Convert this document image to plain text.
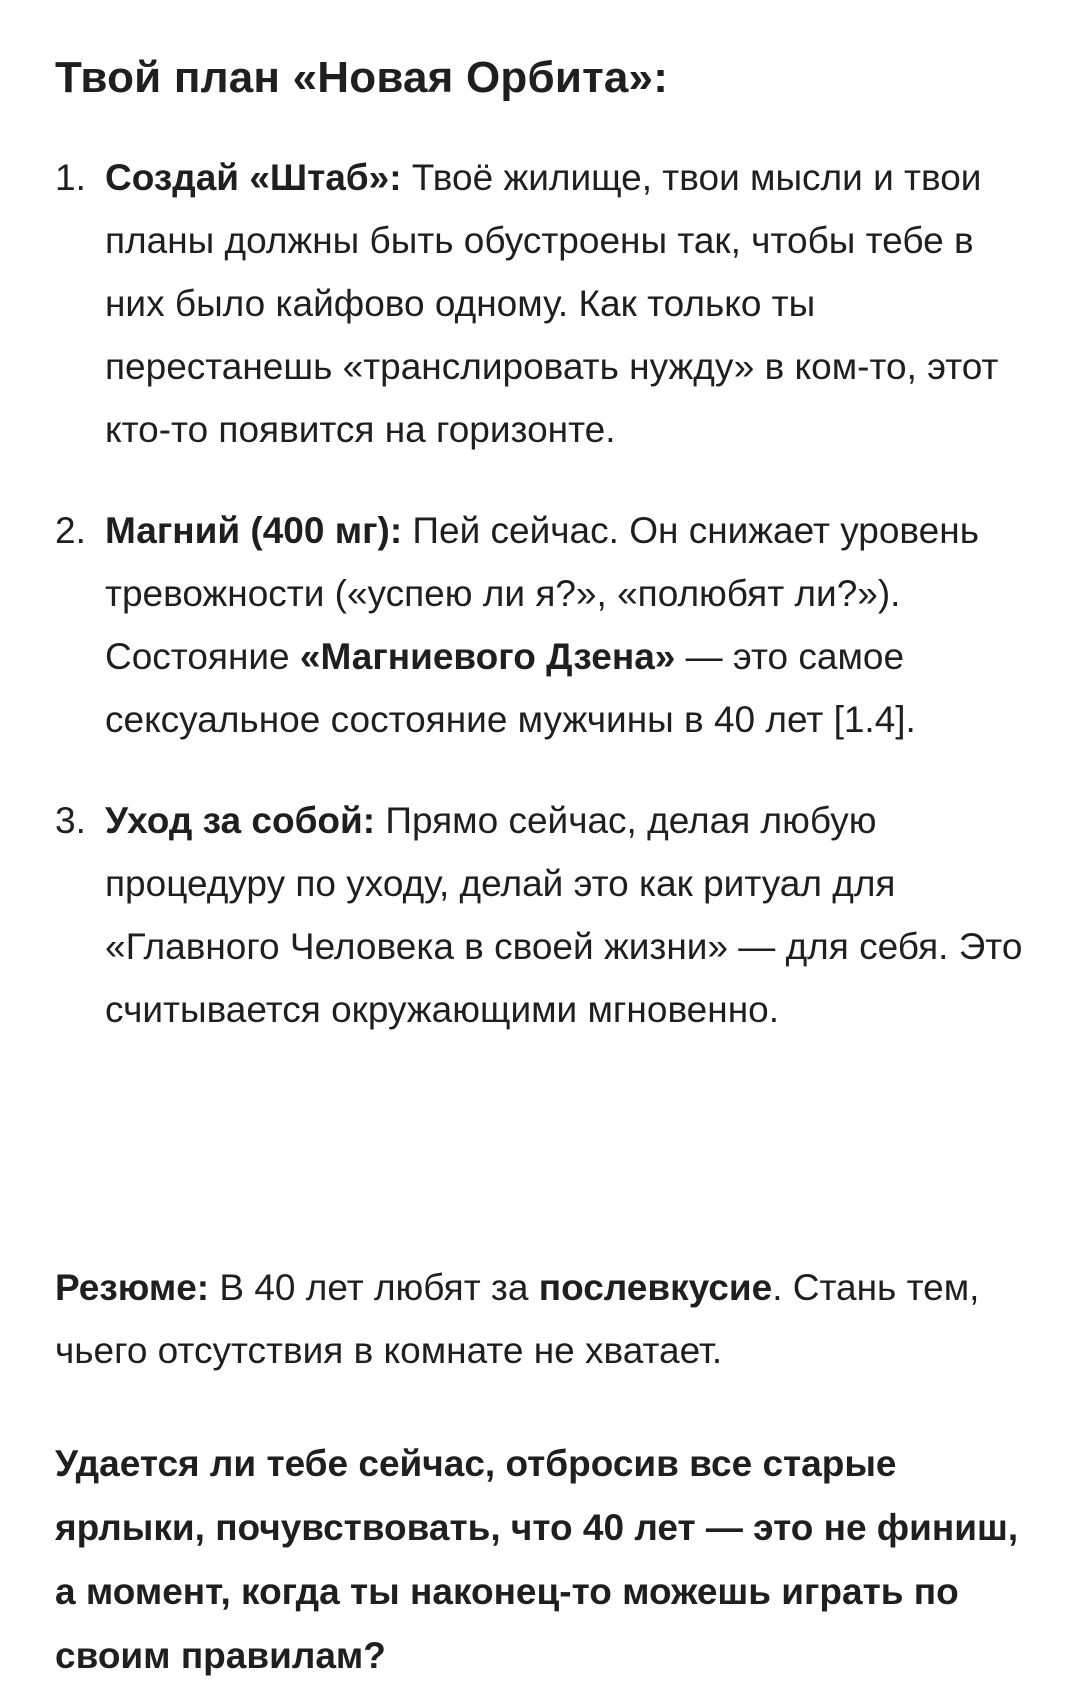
Твой план «Новая Орбита»:
1. Создай «Штаб»: Твоё жилище, твои мысли и твои планы должны быть обустроены так, чтобы тебе в них было кайфово одному. Как только ты перестанешь «транслировать нужду» в ком-то, этот кто-то появится на горизонте.
2. Магний (400 мг): Пей сейчас. Он снижает уровень тревожности («успею ли я?», «полюбят ли?»). Состояние «Магниевого Дзена» — это самое сексуальное состояние мужчины в 40 лет [1.4].
3. Уход за собой: Прямо сейчас, делая любую процедуру по уходу, делай это как ритуал для «Главного Человека в своей жизни» — для себя. Это считывается окружающими мгновенно.

Резюме: В 40 лет любят за послевкусие. Стань тем, чьего отсутствия в комнате не хватает.

Удается ли тебе сейчас, отбросив все старые ярлыки, почувствовать, что 40 лет — это не финиш, а момент, когда ты наконец-то можешь играть по своим правилам?
